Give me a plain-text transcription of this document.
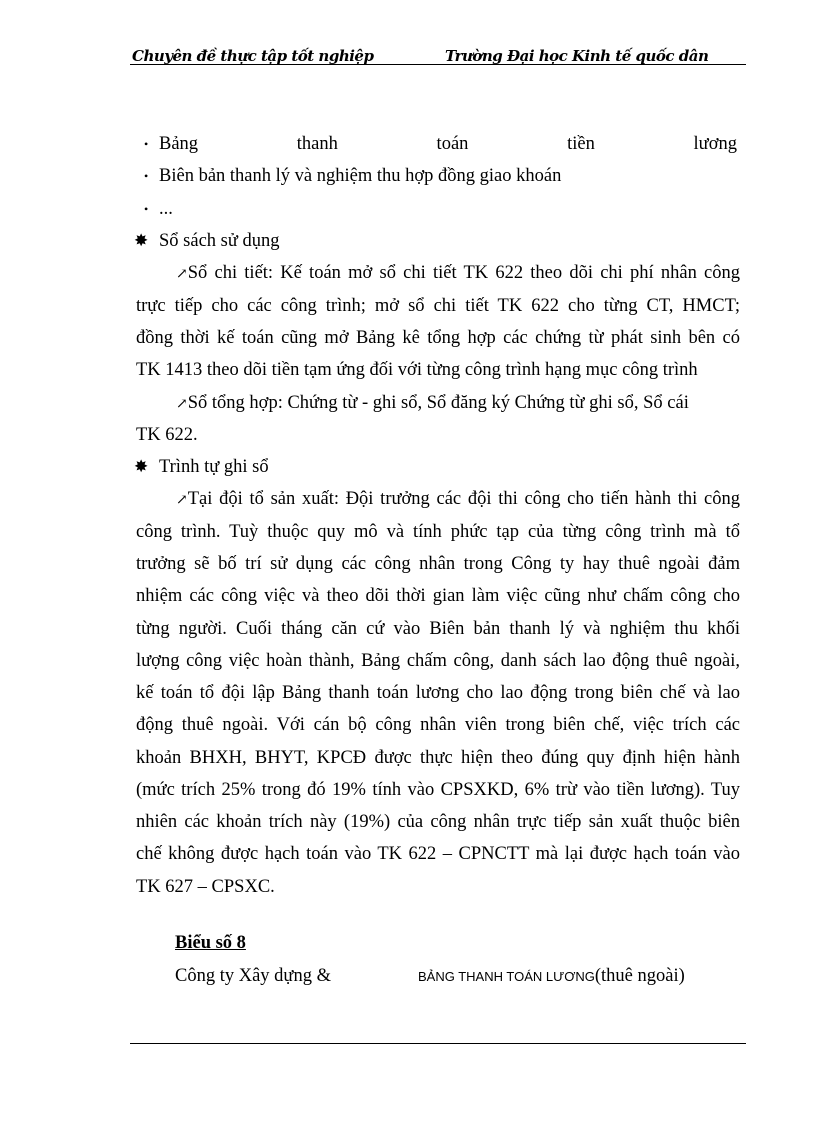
Chuyên đề thực tập tốt nghiệp	Trường Đại học Kinh tế quốc dân
• Bảng thanh toán tiền lương
• Biên bản thanh lý và nghiệm thu hợp đồng giao khoán
• ...
✸ Sổ sách sử dụng
↗Sổ chi tiết: Kế toán mở sổ chi tiết TK 622 theo dõi chi phí nhân công
trực tiếp cho các công trình; mở sổ chi tiết TK 622 cho từng CT, HMCT;
đồng thời kế toán cũng mở Bảng kê tổng hợp các chứng từ phát sinh bên có
TK 1413 theo dõi tiền tạm ứng đối với từng công trình hạng mục công trình
↗Sổ tổng hợp: Chứng từ - ghi sổ, Sổ đăng ký Chứng từ ghi sổ, Sổ cái
TK 622.
✸ Trình tự ghi sổ
↗Tại đội tổ sản xuất: Đội trưởng các đội thi công cho tiến hành thi công
công trình. Tuỳ thuộc quy mô và tính phức tạp của từng công trình mà tổ
trưởng sẽ bố trí sử dụng các công nhân trong Công ty hay thuê ngoài đảm
nhiệm các công việc và theo dõi thời gian làm việc cũng như chấm công cho
từng người. Cuối tháng căn cứ vào Biên bản thanh lý và nghiệm thu khối
lượng công việc hoàn thành, Bảng chấm công, danh sách lao động thuê ngoài,
kế toán tổ đội lập Bảng thanh toán lương cho lao động trong biên chế và lao
động thuê ngoài. Với cán bộ công nhân viên trong biên chế, việc trích các
khoản BHXH, BHYT, KPCĐ được thực hiện theo đúng quy định hiện hành
(mức trích 25% trong đó 19% tính vào CPSXKD, 6% trừ vào tiền lương). Tuy
nhiên các khoản trích này (19%) của công nhân trực tiếp sản xuất thuộc biên
chế không được hạch toán vào TK 622 – CPNCTT mà lại được hạch toán vào
TK 627 – CPSXC.
Biểu số 8
Công ty Xây dựng &	BẢNG THANH TOÁN LƯƠNG(thuê ngoài)
